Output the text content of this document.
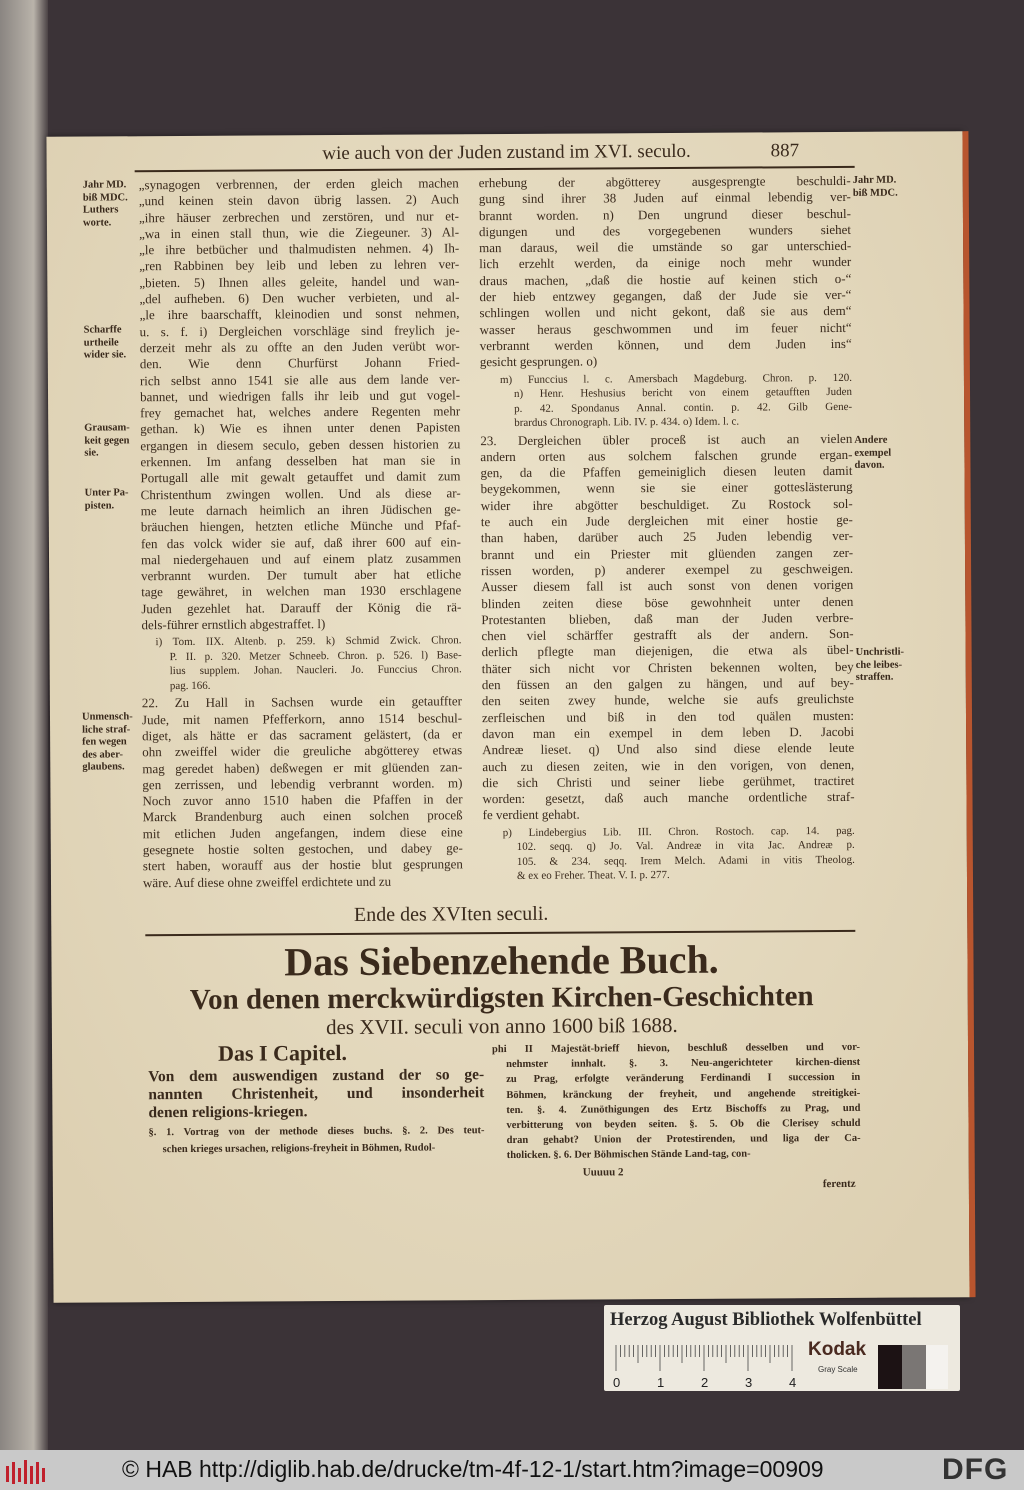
wie auch von der Juden zustand im XVI. seculo.	887
Jahr MD.
biß MDC.
Luthers
worte.
Scharffe
urtheile
wider sie.
Grausam-
keit gegen
sie.
Unter Pa-
pisten.
Unmensch-
liche straf-
fen wegen
des aber-
glaubens.
„synagogen verbrennen, der erden gleich machen
„und keinen stein davon übrig lassen. 2) Auch
„ihre häuser zerbrechen und zerstören, und nur et-
„wa in einen stall thun, wie die Ziegeuner. 3) Al-
„le ihre betbücher und thalmudisten nehmen. 4) Ih-
„ren Rabbinen bey leib und leben zu lehren ver-
„bieten. 5) Ihnen alles geleite, handel und wan-
„del aufheben. 6) Den wucher verbieten, und al-
„le ihre baarschafft, kleinodien und sonst nehmen,
u. s. f. i) Dergleichen vorschläge sind freylich je-
derzeit mehr als zu offte an den Juden verübt wor-
den. Wie denn Churfürst Johann Fried-
rich selbst anno 1541 sie alle aus dem lande ver-
bannet, und wiedrigen falls ihr leib und gut vogel-
frey gemachet hat, welches andere Regenten mehr
gethan. k) Wie es ihnen unter denen Papisten
ergangen in diesem seculo, geben dessen historien zu
erkennen. Im anfang desselben hat man sie in
Portugall alle mit gewalt getauffet und damit zum
Christenthum zwingen wollen. Und als diese ar-
me leute darnach heimlich an ihren Jüdischen ge-
bräuchen hiengen, hetzten etliche Münche und Pfaf-
fen das volck wider sie auf, daß ihrer 600 auf ein-
mal niedergehauen und auf einem platz zusammen
verbrannt wurden. Der tumult aber hat etliche
tage gewähret, in welchen man 1930 erschlagene
Juden gezehlet hat. Darauff der König die rä-
dels-führer ernstlich abgestraffet. l)
i) Tom. IIX. Altenb. p. 259. k) Schmid Zwick. Chron.
P. II. p. 320. Metzer Schneeb. Chron. p. 526. l) Base-
lius supplem. Johan. Naucleri. Jo. Funccius Chron.
pag. 166.
22. Zu Hall in Sachsen wurde ein getauffter
Jude, mit namen Pfefferkorn, anno 1514 beschul-
diget, als hätte er das sacrament gelästert, (da er
ohn zweiffel wider die greuliche abgötterey etwas
mag geredet haben) deßwegen er mit glüenden zan-
gen zerrissen, und lebendig verbrannt worden. m)
Noch zuvor anno 1510 haben die Pfaffen in der
Marck Brandenburg auch einen solchen proceß
mit etlichen Juden angefangen, indem diese eine
gesegnete hostie solten gestochen, und dabey ge-
stert haben, worauff aus der hostie blut gesprungen
wäre. Auf diese ohne zweiffel erdichtete und zu
erhebung der abgötterey ausgesprengte beschuldi-
gung sind ihrer 38 Juden auf einmal lebendig ver-
brannt worden. n) Den ungrund dieser beschul-
digungen und des vorgegebenen wunders siehet
man daraus, weil die umstände so gar unterschied-
lich erzehlt werden, da einige noch mehr wunder
draus machen, „daß die hostie auf keinen stich o-“
der hieb entzwey gegangen, daß der Jude sie ver-“
schlingen wollen und nicht gekont, daß sie aus dem“
wasser heraus geschwommen und im feuer nicht“
verbrannt werden können, und dem Juden ins“
gesicht gesprungen. o)
m) Funccius l. c. Amersbach Magdeburg. Chron. p. 120.
n) Henr. Heshusius bericht von einem getaufften Juden
p. 42. Spondanus Annal. contin. p. 42. Gilb Gene-
brardus Chronograph. Lib. IV. p. 434. o) Idem. l. c.
23. Dergleichen übler proceß ist auch an vielen
andern orten aus solchem falschen grunde ergan-
gen, da die Pfaffen gemeiniglich diesen leuten damit
beygekommen, wenn sie sie einer gotteslästerung
wider ihre abgötter beschuldiget. Zu Rostock sol-
te auch ein Jude dergleichen mit einer hostie ge-
than haben, darüber auch 25 Juden lebendig ver-
brannt und ein Priester mit glüenden zangen zer-
rissen worden, p) anderer exempel zu geschweigen.
Ausser diesem fall ist auch sonst von denen vorigen
blinden zeiten diese böse gewohnheit unter denen
Protestanten blieben, daß man der Juden verbre-
chen viel schärffer gestrafft als der andern. Son-
derlich pflegte man diejenigen, die etwa als übel-
thäter sich nicht vor Christen bekennen wolten, bey
den füssen an den galgen zu hängen, und auf bey-
den seiten zwey hunde, welche sie aufs greulichste
zerfleischen und biß in den tod quälen musten:
davon man ein exempel in dem leben D. Jacobi
Andreæ lieset. q) Und also sind diese elende leute
auch zu diesen zeiten, wie in den vorigen, von denen,
die sich Christi und seiner liebe gerühmet, tractiret
worden: gesetzt, daß auch manche ordentliche straf-
fe verdient gehabt.
p) Lindebergius Lib. III. Chron. Rostoch. cap. 14. pag.
102. seqq. q) Jo. Val. Andreæ in vita Jac. Andreæ p.
105. & 234. seqq. Irem Melch. Adami in vitis Theolog.
& ex eo Freher. Theat. V. I. p. 277.
Jahr MD.
biß MDC.
Andere
exempel
davon.
Unchristli-
che leibes-
straffen.
Ende des XVIten seculi.
Das Siebenzehende Buch.
Von denen merckwürdigsten Kirchen-Geschichten
des XVII. seculi von anno 1600 biß 1688.
Das I Capitel.
Von dem auswendigen zustand der so ge-
nannten Christenheit, und insonderheit
denen religions-kriegen.
§. 1. Vortrag von der methode dieses buchs. §. 2. Des teut-
schen krieges ursachen, religions-freyheit in Böhmen, Rudol-
phi II Majestät-brieff hievon, beschluß desselben und vor-
nehmster innhalt. §. 3. Neu-angerichteter kirchen-dienst
zu Prag, erfolgte veränderung Ferdinandi I succession in
Böhmen, kränckung der freyheit, und angehende streitigkei-
ten. §. 4. Zunöthigungen des Ertz Bischoffs zu Prag, und
verbitterung von beyden seiten. §. 5. Ob die Clerisey schuld
dran gehabt? Union der Protestirenden, und liga der Ca-
tholicken. §. 6. Der Böhmischen Stände Land-tag, con-
Uuuuu 2
ferentz
Herzog August Bibliothek Wolfenbüttel
0	1	2	3	4
Kodak
Gray Scale
© HAB http://diglib.hab.de/drucke/tm-4f-12-1/start.htm?image=00909	DFG
